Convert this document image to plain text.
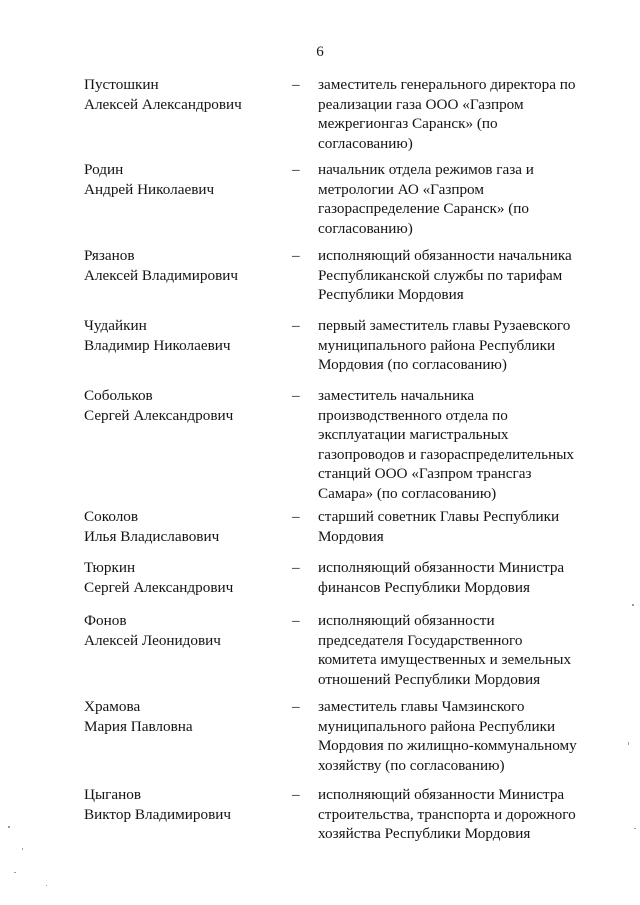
6
Пустошкин
Алексей Александрович
– заместитель генерального директора по
реализации газа ООО «Газпром
межрегионгаз Саранск» (по
согласованию)
Родин
Андрей Николаевич
– начальник отдела режимов газа и
метрологии АО «Газпром
газораспределение Саранск» (по
согласованию)
Рязанов
Алексей Владимирович
– исполняющий обязанности начальника
Республиканской службы по тарифам
Республики Мордовия
Чудайкин
Владимир Николаевич
– первый заместитель главы Рузаевского
муниципального района Республики
Мордовия (по согласованию)
Собольков
Сергей Александрович
– заместитель начальника
производственного отдела по
эксплуатации магистральных
газопроводов и газораспределительных
станций ООО «Газпром трансгаз
Самара» (по согласованию)
Соколов
Илья Владиславович
– старший советник Главы Республики
Мордовия
Тюркин
Сергей Александрович
– исполняющий обязанности Министра
финансов Республики Мордовия
Фонов
Алексей Леонидович
– исполняющий обязанности
председателя Государственного
комитета имущественных и земельных
отношений Республики Мордовия
Храмова
Мария Павловна
– заместитель главы Чамзинского
муниципального района Республики
Мордовия по жилищно-коммунальному
хозяйству (по согласованию)
Цыганов
Виктор Владимирович
– исполняющий обязанности Министра
строительства, транспорта и дорожного
хозяйства Республики Мордовия
